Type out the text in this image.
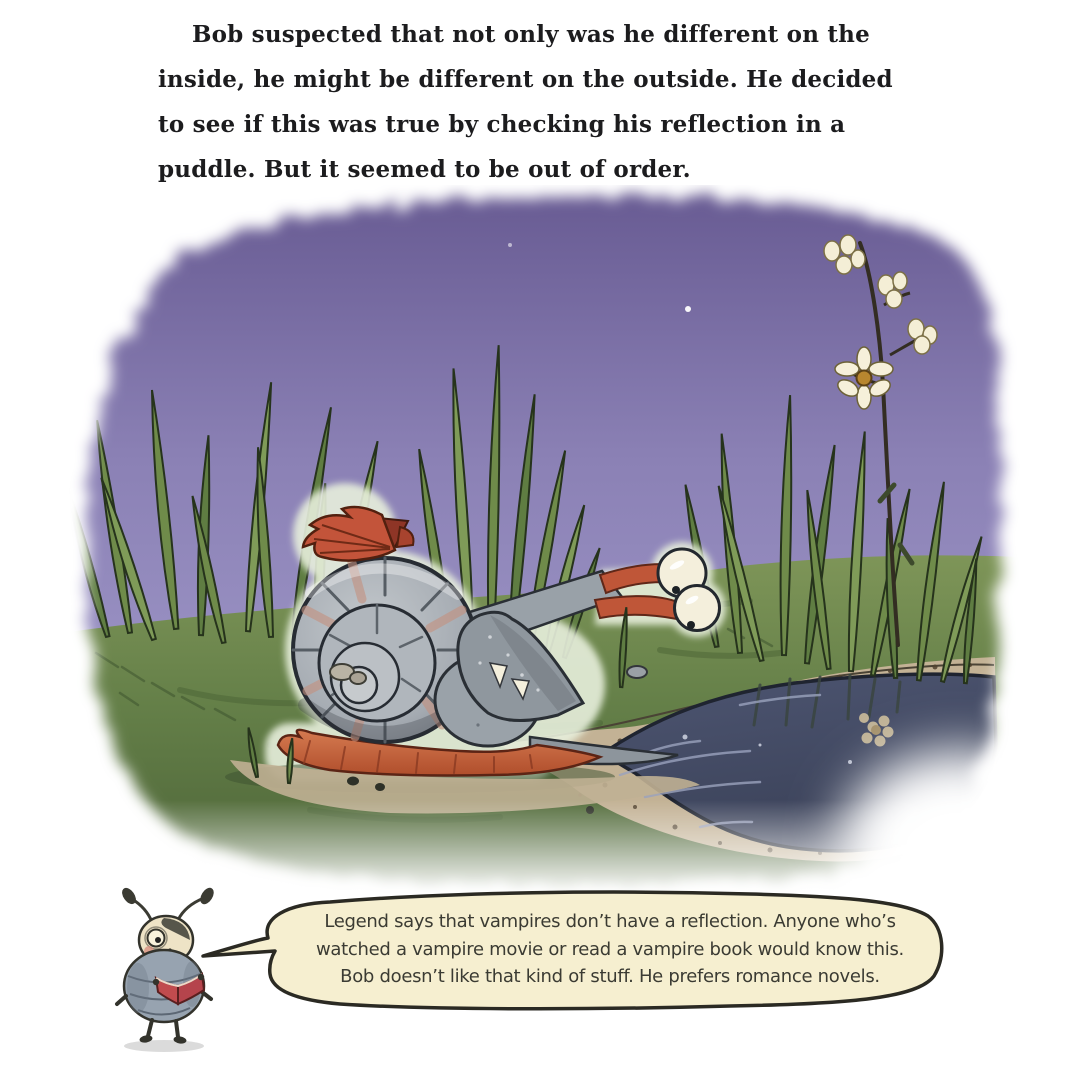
Bob suspected that not only was he different on the
inside, he might be different on the outside. He decided
to see if this was true by checking his reflection in a
puddle. But it seemed to be out of order.
Legend says that vampires don’t have a reflection. Anyone who’s
watched a vampire movie or read a vampire book would know this.
Bob doesn’t like that kind of stuff. He prefers romance novels.
